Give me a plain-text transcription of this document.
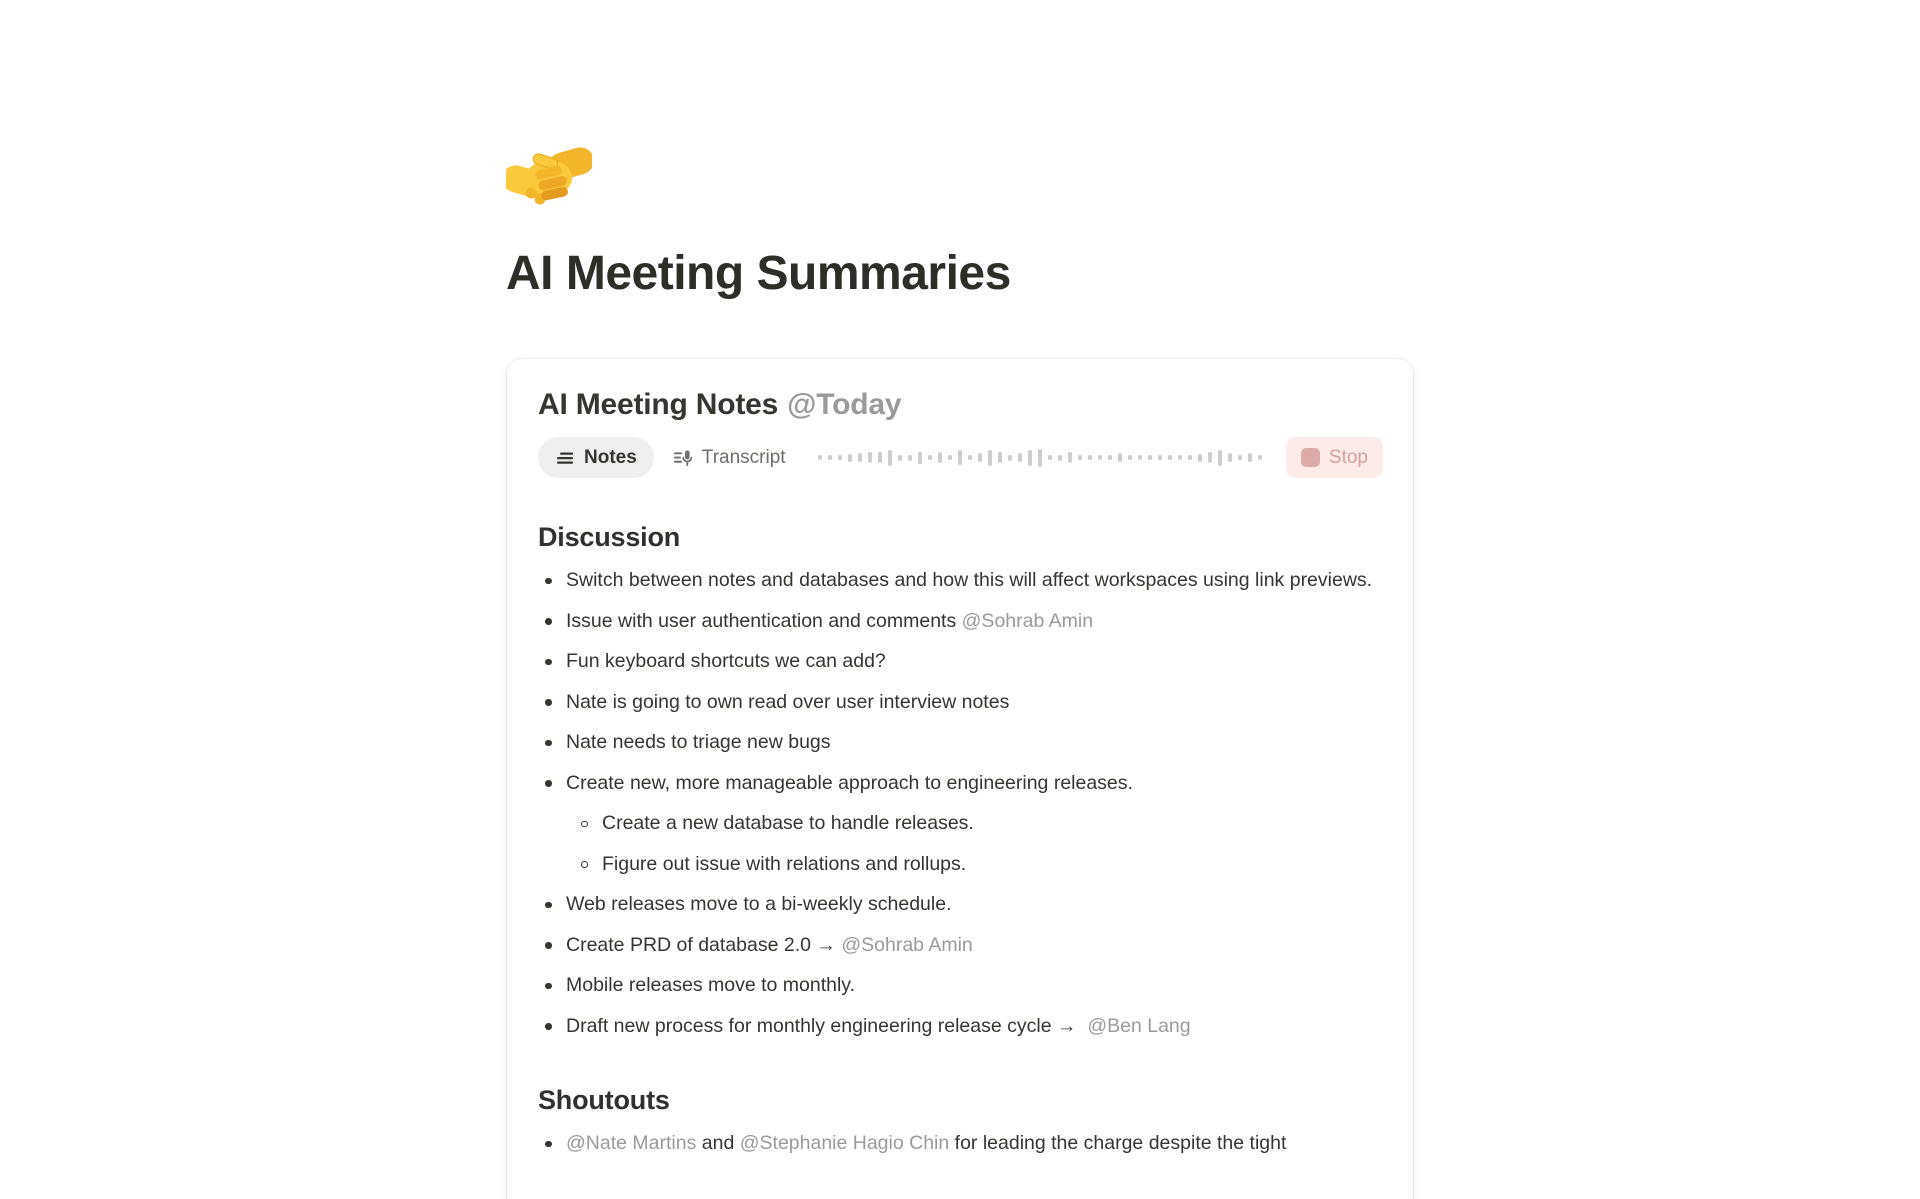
AI Meeting Summaries
AI Meeting Notes @Today
Notes	Transcript	Stop
Discussion
Switch between notes and databases and how this will affect workspaces using link previews.
Issue with user authentication and comments @Sohrab Amin
Fun keyboard shortcuts we can add?
Nate is going to own read over user interview notes
Nate needs to triage new bugs
Create new, more manageable approach to engineering releases.
Create a new database to handle releases.
Figure out issue with relations and rollups.
Web releases move to a bi-weekly schedule.
Create PRD of database 2.0 → @Sohrab Amin
Mobile releases move to monthly.
Draft new process for monthly engineering release cycle →  @Ben Lang
Shoutouts
@Nate Martins and @Stephanie Hagio Chin for leading the charge despite the tight
